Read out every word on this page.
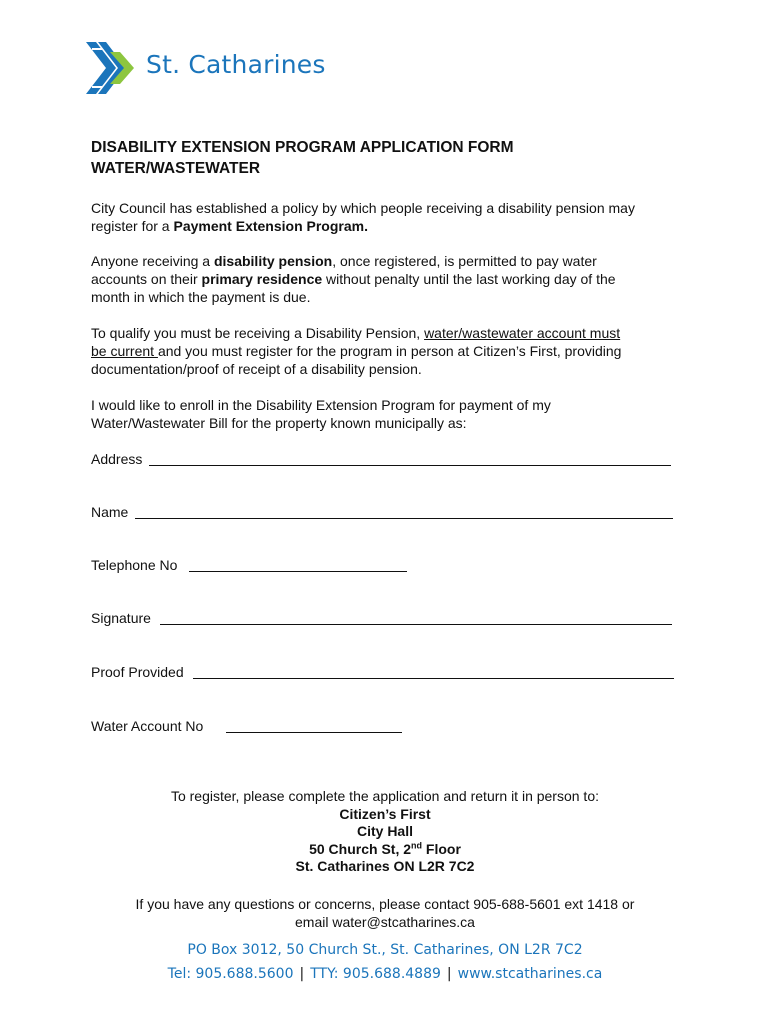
St. Catharines
DISABILITY EXTENSION PROGRAM APPLICATION FORM
WATER/WASTEWATER
City Council has established a policy by which people receiving a disability pension may
register for a Payment Extension Program.
Anyone receiving a disability pension, once registered, is permitted to pay water
accounts on their primary residence without penalty until the last working day of the
month in which the payment is due.
To qualify you must be receiving a Disability Pension, water/wastewater account must
be current and you must register for the program in person at Citizen’s First, providing
documentation/proof of receipt of a disability pension.
I would like to enroll in the Disability Extension Program for payment of my
Water/Wastewater Bill for the property known municipally as:
Address
Name
Telephone No
Signature
Proof Provided
Water Account No
To register, please complete the application and return it in person to:
Citizen’s First
City Hall
50 Church St, 2nd Floor
St. Catharines ON L2R 7C2
If you have any questions or concerns, please contact 905-688-5601 ext 1418 or
email water@stcatharines.ca
PO Box 3012, 50 Church St., St. Catharines, ON L2R 7C2
Tel: 905.688.5600 | TTY: 905.688.4889 | www.stcatharines.ca
